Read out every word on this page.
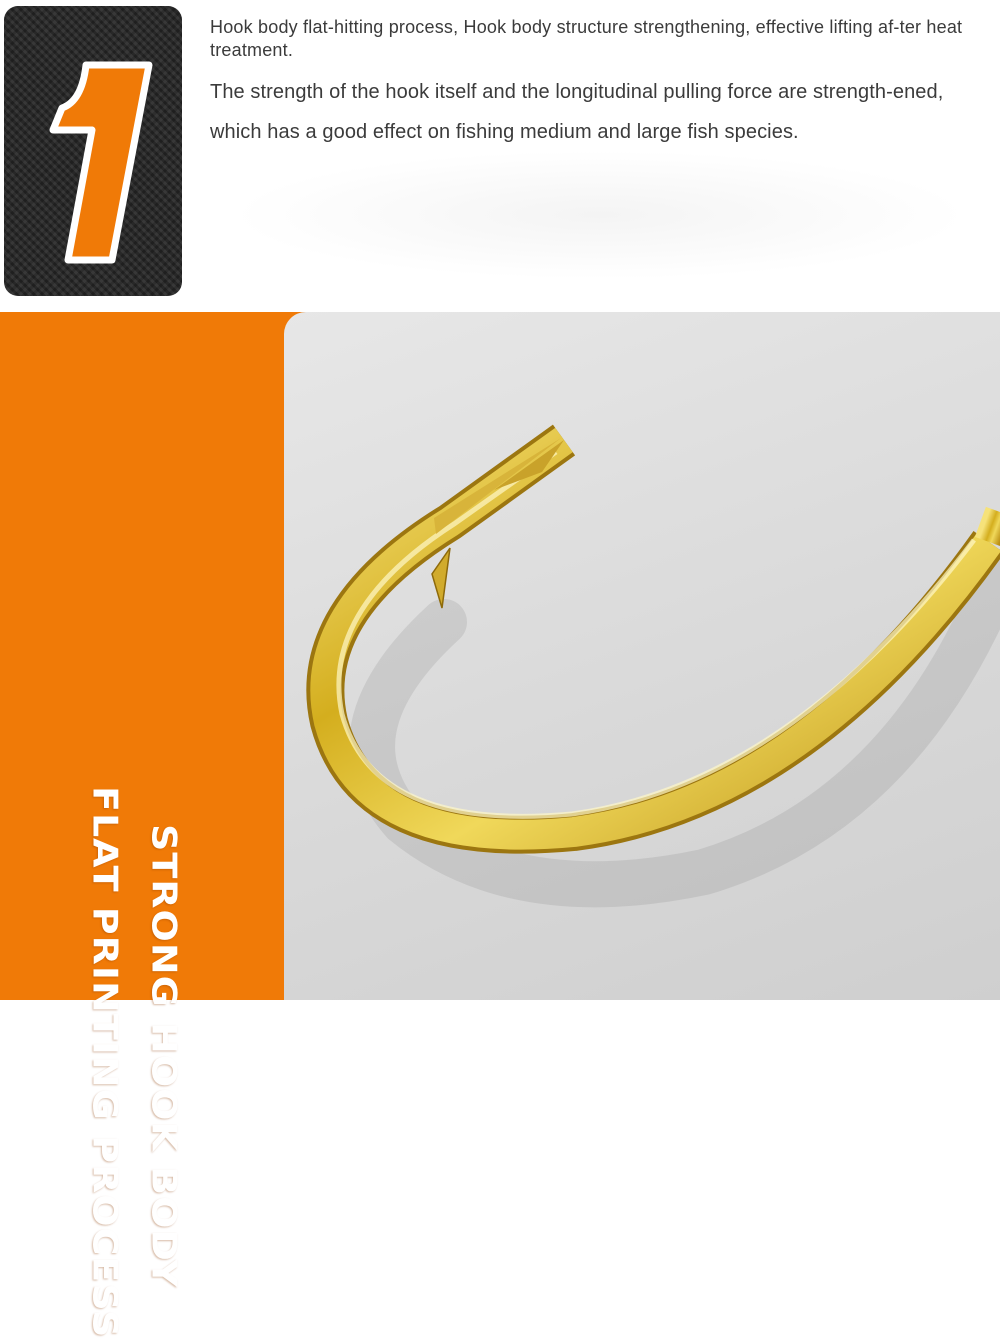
Hook body flat-hitting process, Hook body structure strengthening, effective lifting af-ter heat treatment.

The strength of the hook itself and the longitudinal pulling force are strength-ened, which has a good effect on fishing medium and large fish species.

STRONG HOOK BODY
FLAT PRINTING PROCESS
